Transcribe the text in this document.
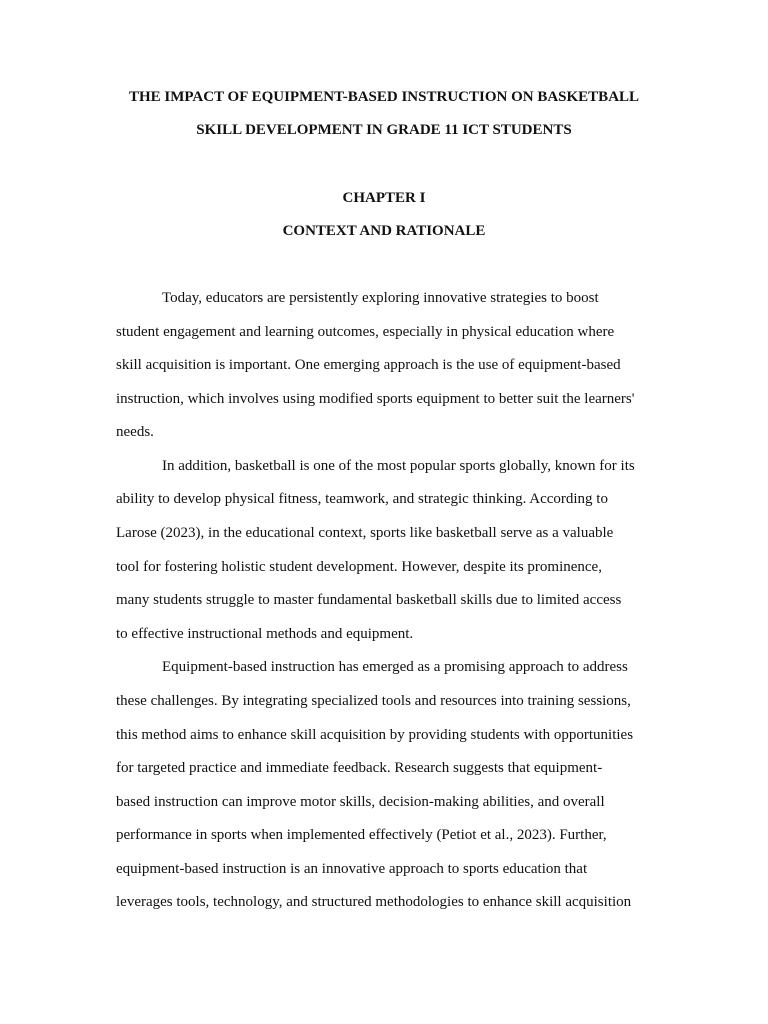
THE IMPACT OF EQUIPMENT-BASED INSTRUCTION ON BASKETBALL
SKILL DEVELOPMENT IN GRADE 11 ICT STUDENTS
CHAPTER I
CONTEXT AND RATIONALE
Today, educators are persistently exploring innovative strategies to boost
student engagement and learning outcomes, especially in physical education where
skill acquisition is important. One emerging approach is the use of equipment-based
instruction, which involves using modified sports equipment to better suit the learners'
needs.
In addition, basketball is one of the most popular sports globally, known for its
ability to develop physical fitness, teamwork, and strategic thinking. According to
Larose (2023), in the educational context, sports like basketball serve as a valuable
tool for fostering holistic student development. However, despite its prominence,
many students struggle to master fundamental basketball skills due to limited access
to effective instructional methods and equipment.
Equipment-based instruction has emerged as a promising approach to address
these challenges. By integrating specialized tools and resources into training sessions,
this method aims to enhance skill acquisition by providing students with opportunities
for targeted practice and immediate feedback. Research suggests that equipment-
based instruction can improve motor skills, decision-making abilities, and overall
performance in sports when implemented effectively (Petiot et al., 2023). Further,
equipment-based instruction is an innovative approach to sports education that
leverages tools, technology, and structured methodologies to enhance skill acquisition
